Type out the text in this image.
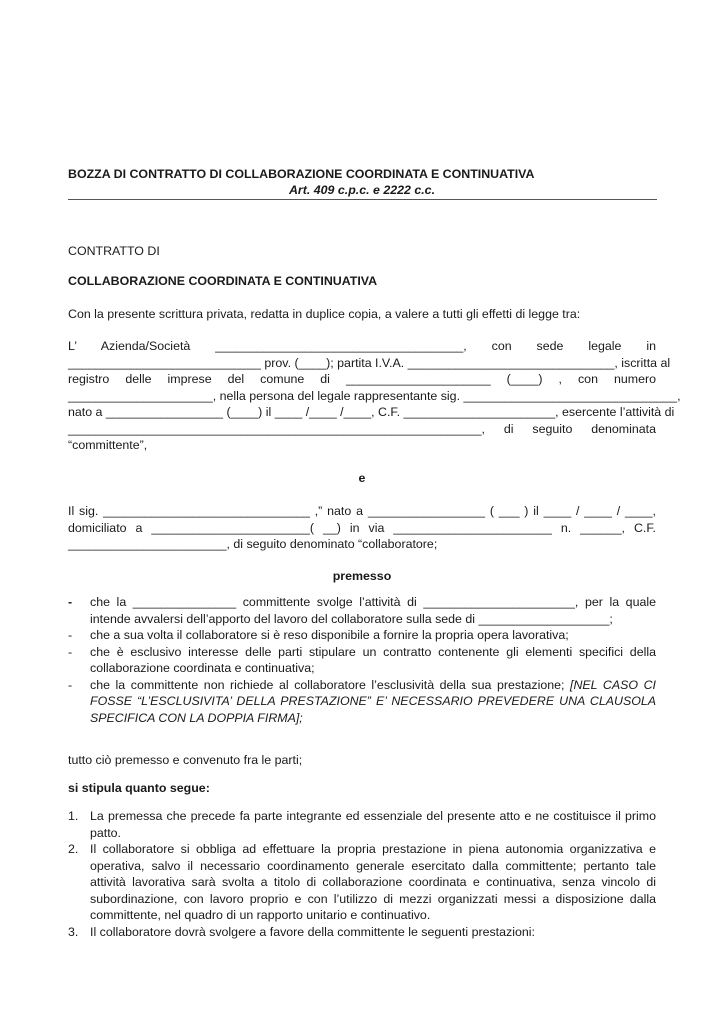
BOZZA DI CONTRATTO DI COLLABORAZIONE COORDINATA E CONTINUATIVA
Art. 409 c.p.c. e 2222 c.c.
CONTRATTO DI
COLLABORAZIONE COORDINATA E CONTINUATIVA
Con la presente scrittura privata, redatta in duplice copia, a valere a tutti gli effetti di legge tra:
L’ Azienda/Società ____________________________________, con sede legale in
____________________________ prov. (____); partita I.V.A. ______________________________, iscritta al
registro delle imprese del comune di _____________________ (____) , con numero
_____________________, nella persona del legale rappresentante sig. _______________________________,
nato a _________________ (____) il ____ /____ /____, C.F. ______________________, esercente l’attività di
____________________________________________________________, di seguito denominata
“committente”,
e
Il sig. ______________________________ ,” nato a _________________ ( ___ ) il ____ / ____ / ____,
domiciliato a _______________________( __) in via _______________________ n. ______, C.F.
_______________________, di seguito denominato “collaboratore;
premesso
- che la _______________ committente svolge l’attività di ______________________, per la quale intende avvalersi dell’apporto del lavoro del collaboratore sulla sede di ___________________;
- che a sua volta il collaboratore si è reso disponibile a fornire la propria opera lavorativa;
- che è esclusivo interesse delle parti stipulare un contratto contenente gli elementi specifici della collaborazione coordinata e continuativa;
- che la committente non richiede al collaboratore l’esclusività della sua prestazione; [NEL CASO CI FOSSE “L’ESCLUSIVITA’ DELLA PRESTAZIONE” E’ NECESSARIO PREVEDERE UNA CLAUSOLA SPECIFICA CON LA DOPPIA FIRMA];
tutto ciò premesso e convenuto fra le parti;
si stipula quanto segue:
1. La premessa che precede fa parte integrante ed essenziale del presente atto e ne costituisce il primo patto.
2. Il collaboratore si obbliga ad effettuare la propria prestazione in piena autonomia organizzativa e operativa, salvo il necessario coordinamento generale esercitato dalla committente; pertanto tale attività lavorativa sarà svolta a titolo di collaborazione coordinata e continuativa, senza vincolo di subordinazione, con lavoro proprio e con l’utilizzo di mezzi organizzati messi a disposizione dalla committente, nel quadro di un rapporto unitario e continuativo.
3. Il collaboratore dovrà svolgere a favore della committente le seguenti prestazioni:
